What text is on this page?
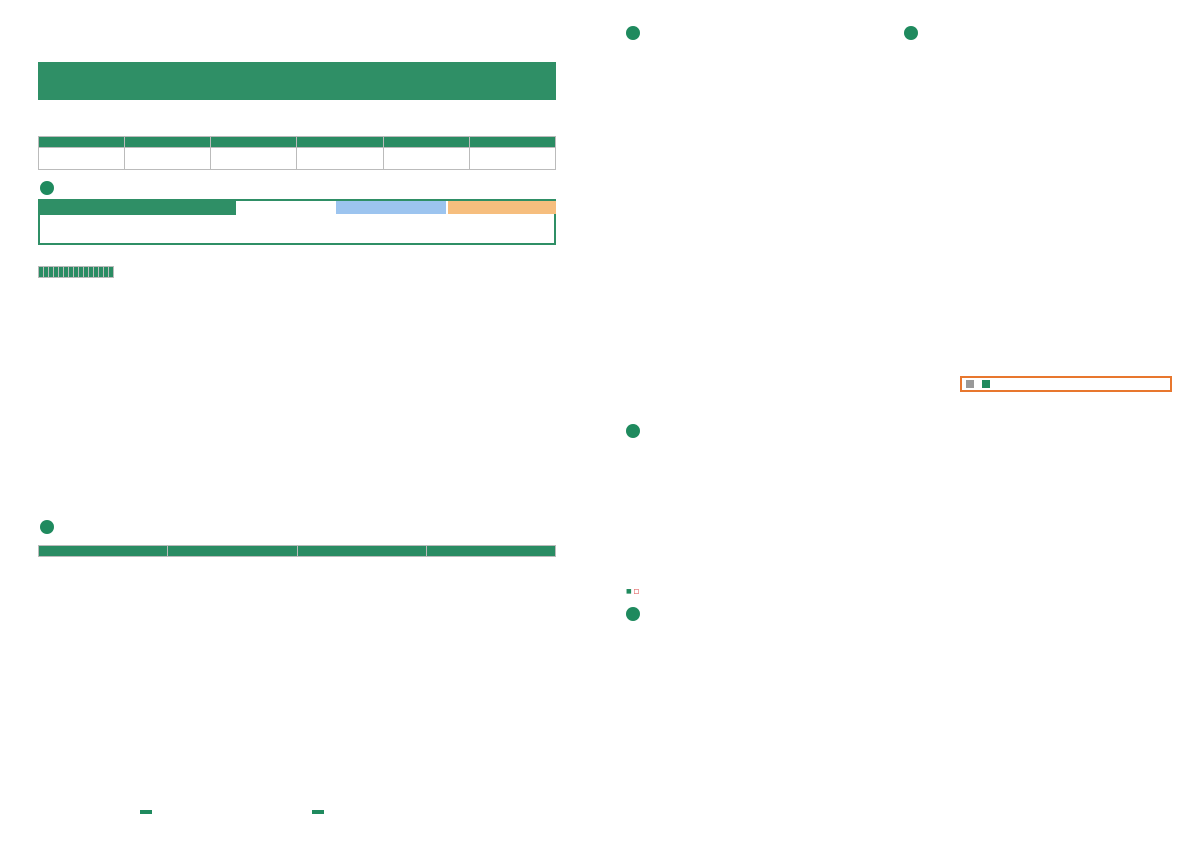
■ □
